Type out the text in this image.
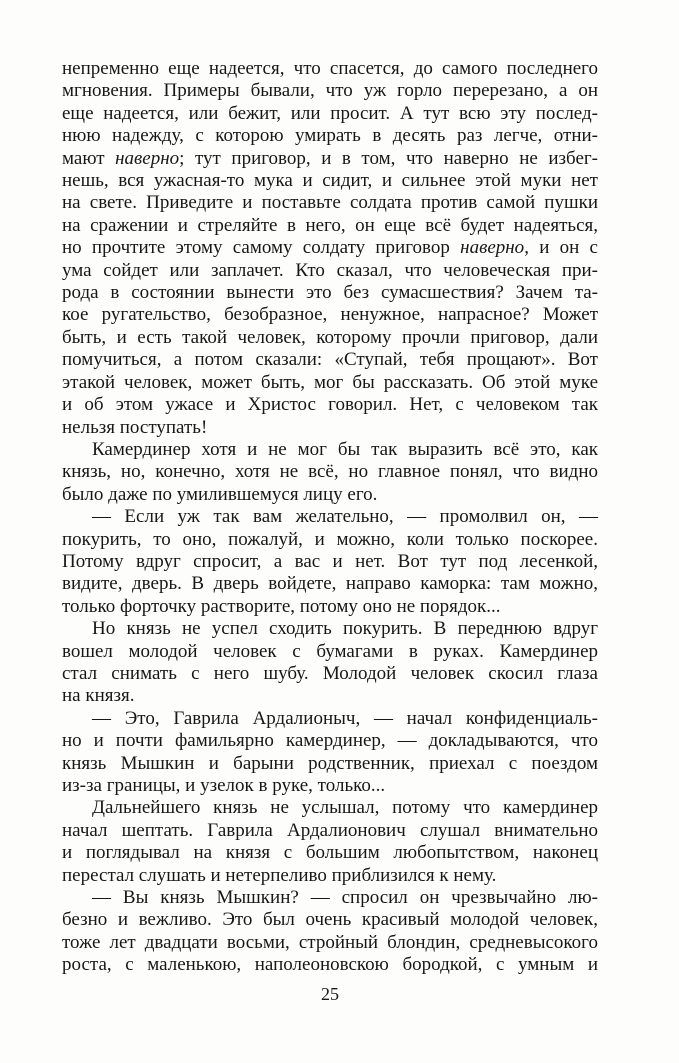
непременно еще надеется, что спасется, до самого последнего
мгновения. Примеры бывали, что уж горло перерезано, а он
еще надеется, или бежит, или просит. А тут всю эту послед-
нюю надежду, с которою умирать в десять раз легче, отни-
мают наверно; тут приговор, и в том, что наверно не избег-
нешь, вся ужасная-то мука и сидит, и сильнее этой муки нет
на свете. Приведите и поставьте солдата против самой пушки
на сражении и стреляйте в него, он еще всё будет надеяться,
но прочтите этому самому солдату приговор наверно, и он с
ума сойдет или заплачет. Кто сказал, что человеческая при-
рода в состоянии вынести это без сумасшествия? Зачем та-
кое ругательство, безобразное, ненужное, напрасное? Может
быть, и есть такой человек, которому прочли приговор, дали
помучиться, а потом сказали: «Ступай, тебя прощают». Вот
этакой человек, может быть, мог бы рассказать. Об этой муке
и об этом ужасе и Христос говорил. Нет, с человеком так
нельзя поступать!
Камердинер хотя и не мог бы так выразить всё это, как
князь, но, конечно, хотя не всё, но главное понял, что видно
было даже по умилившемуся лицу его.
— Если уж так вам желательно, — промолвил он, —
покурить, то оно, пожалуй, и можно, коли только поскорее.
Потому вдруг спросит, а вас и нет. Вот тут под лесенкой,
видите, дверь. В дверь войдете, направо каморка: там можно,
только форточку растворите, потому оно не порядок...
Но князь не успел сходить покурить. В переднюю вдруг
вошел молодой человек с бумагами в руках. Камердинер
стал снимать с него шубу. Молодой человек скосил глаза
на князя.
— Это, Гаврила Ардалионыч, — начал конфиденциаль-
но и почти фамильярно камердинер, — докладываются, что
князь Мышкин и барыни родственник, приехал с поездом
из-за границы, и узелок в руке, только...
Дальнейшего князь не услышал, потому что камердинер
начал шептать. Гаврила Ардалионович слушал внимательно
и поглядывал на князя с большим любопытством, наконец
перестал слушать и нетерпеливо приблизился к нему.
— Вы князь Мышкин? — спросил он чрезвычайно лю-
безно и вежливо. Это был очень красивый молодой человек,
тоже лет двадцати восьми, стройный блондин, средневысокого
роста, с маленькою, наполеоновскою бородкой, с умным и
25
